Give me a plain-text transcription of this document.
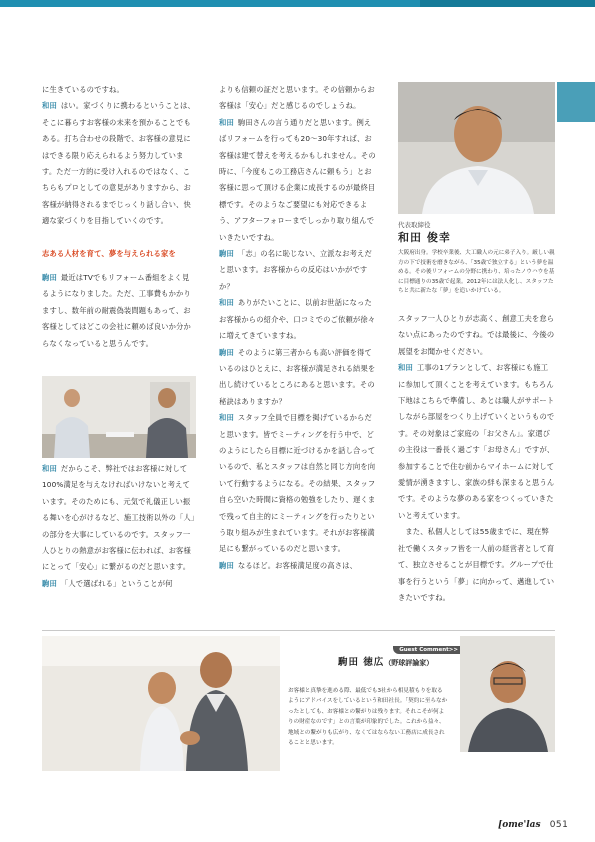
に生きているのですね。

和田 はい。家づくりに携わるということは、そこに暮らすお客様の未来を預かることでもある。打ち合わせの段階で、お客様の意見にはできる限り応えられるよう努力しています。ただ一方的に受け入れるのではなく、こちらもプロとしての意見がありますから、お客様が納得されるまでじっくり話し合い、快適な家づくりを目指していくのです。

志ある人材を育て、夢を与えられる家を

駒田 最近はTVでもリフォーム番組をよく見るようになりました。ただ、工事費もかかりますし、数年前の耐震偽装問題もあって、お客様としてはどこの会社に頼めば良いか分からなくなっていると思うんです。

和田 だからこそ、弊社ではお客様に対して100%満足を与えなければいけないと考えています。そのためにも、元気で礼儀正しい振る舞いを心がけるなど、施工技術以外の「人」の部分を大事にしているのです。スタッフ一人ひとりの熱意がお客様に伝われば、お客様にとって「安心」に繋がるのだと思います。

駒田 「人で選ばれる」ということが何

よりも信頼の証だと思います。その信頼からお客様は「安心」だと感じるのでしょうね。

和田 駒田さんの言う通りだと思います。例えばリフォームを行っても20〜30年すれば、お客様は建て替えを考えるかもしれません。その時に、「今度もこの工務店さんに頼もう」とお客様に思って頂ける企業に成長するのが最終目標です。そのようなご要望にも対応できるよう、アフターフォローまでしっかり取り組んでいきたいですね。

駒田 「志」の名に恥じない、立派なお考えだと思います。お客様からの反応はいかがですか？

和田 ありがたいことに、以前お世話になったお客様からの紹介や、口コミでのご依頼が徐々に増えてきていますね。

駒田 そのように第三者からも高い評価を得ているのはひとえに、お客様が満足される結果を出し続けているところにあると思います。その秘訣はありますか？

和田 スタッフ全員で目標を掲げているからだと思います。皆でミーティングを行う中で、どのようにしたら目標に近づけるかを話し合っているので、私とスタッフは自然と同じ方向を向いて行動するようになる。その結果、スタッフ自ら空いた時間に資格の勉強をしたり、遅くまで残って自主的にミーティングを行ったりという取り組みが生まれています。それがお客様満足にも繋がっているのだと思います。

駒田 なるほど。お客様満足度の高さは、

代表取締役
和田 俊幸
大阪府出身。学校卒業後、大工職人の元に弟子入り。厳しい親方の下で技術を磨きながら、「35歳で独立する」という夢を温める。その後リフォームの分野に携わり、培ったノウハウを基に目標通りの35歳で起業。2012年には法人化し、スタッフたちと共に新たな「夢」を追いかけている。

スタッフ一人ひとりが志高く、創意工夫を怠らない点にあったのですね。では最後に、今後の展望をお聞かせください。

和田 工事の1プランとして、お客様にも施工に参加して頂くことを考えています。もちろん下地はこちらで準備し、あとは職人がサポートしながら部屋をつくり上げていくというものです。その対象はご家庭の「お父さん」。家還びの主役は一番長く過ごす「お母さん」ですが、参加することで住む前からマイホームに対して愛情が湧きますし、家族の絆も深まると思うんです。そのような夢のある家をつくっていきたいと考えています。

また、私個人としては55歳までに、現在弊社で働くスタッフ皆を一人前の経営者として育て、独立させることが目標です。グループで仕事を行うという「夢」に向かって、邁進していきたいですね。

Guest Comment>>
駒田 徳広（野球評論家）
お客様と真摯を進める際、最低でも3社から相見積もりを取るようにアドバイスをしているという和田社長。「契約に至らなかったとしても、お客様との繋がりは残ります。それこそが何よりの財産なのです」との言葉が印象的でした。これから益々、地域との繋がりも広がり、なくてはならない工務店に成長されることと思います。
[ome'las 051
